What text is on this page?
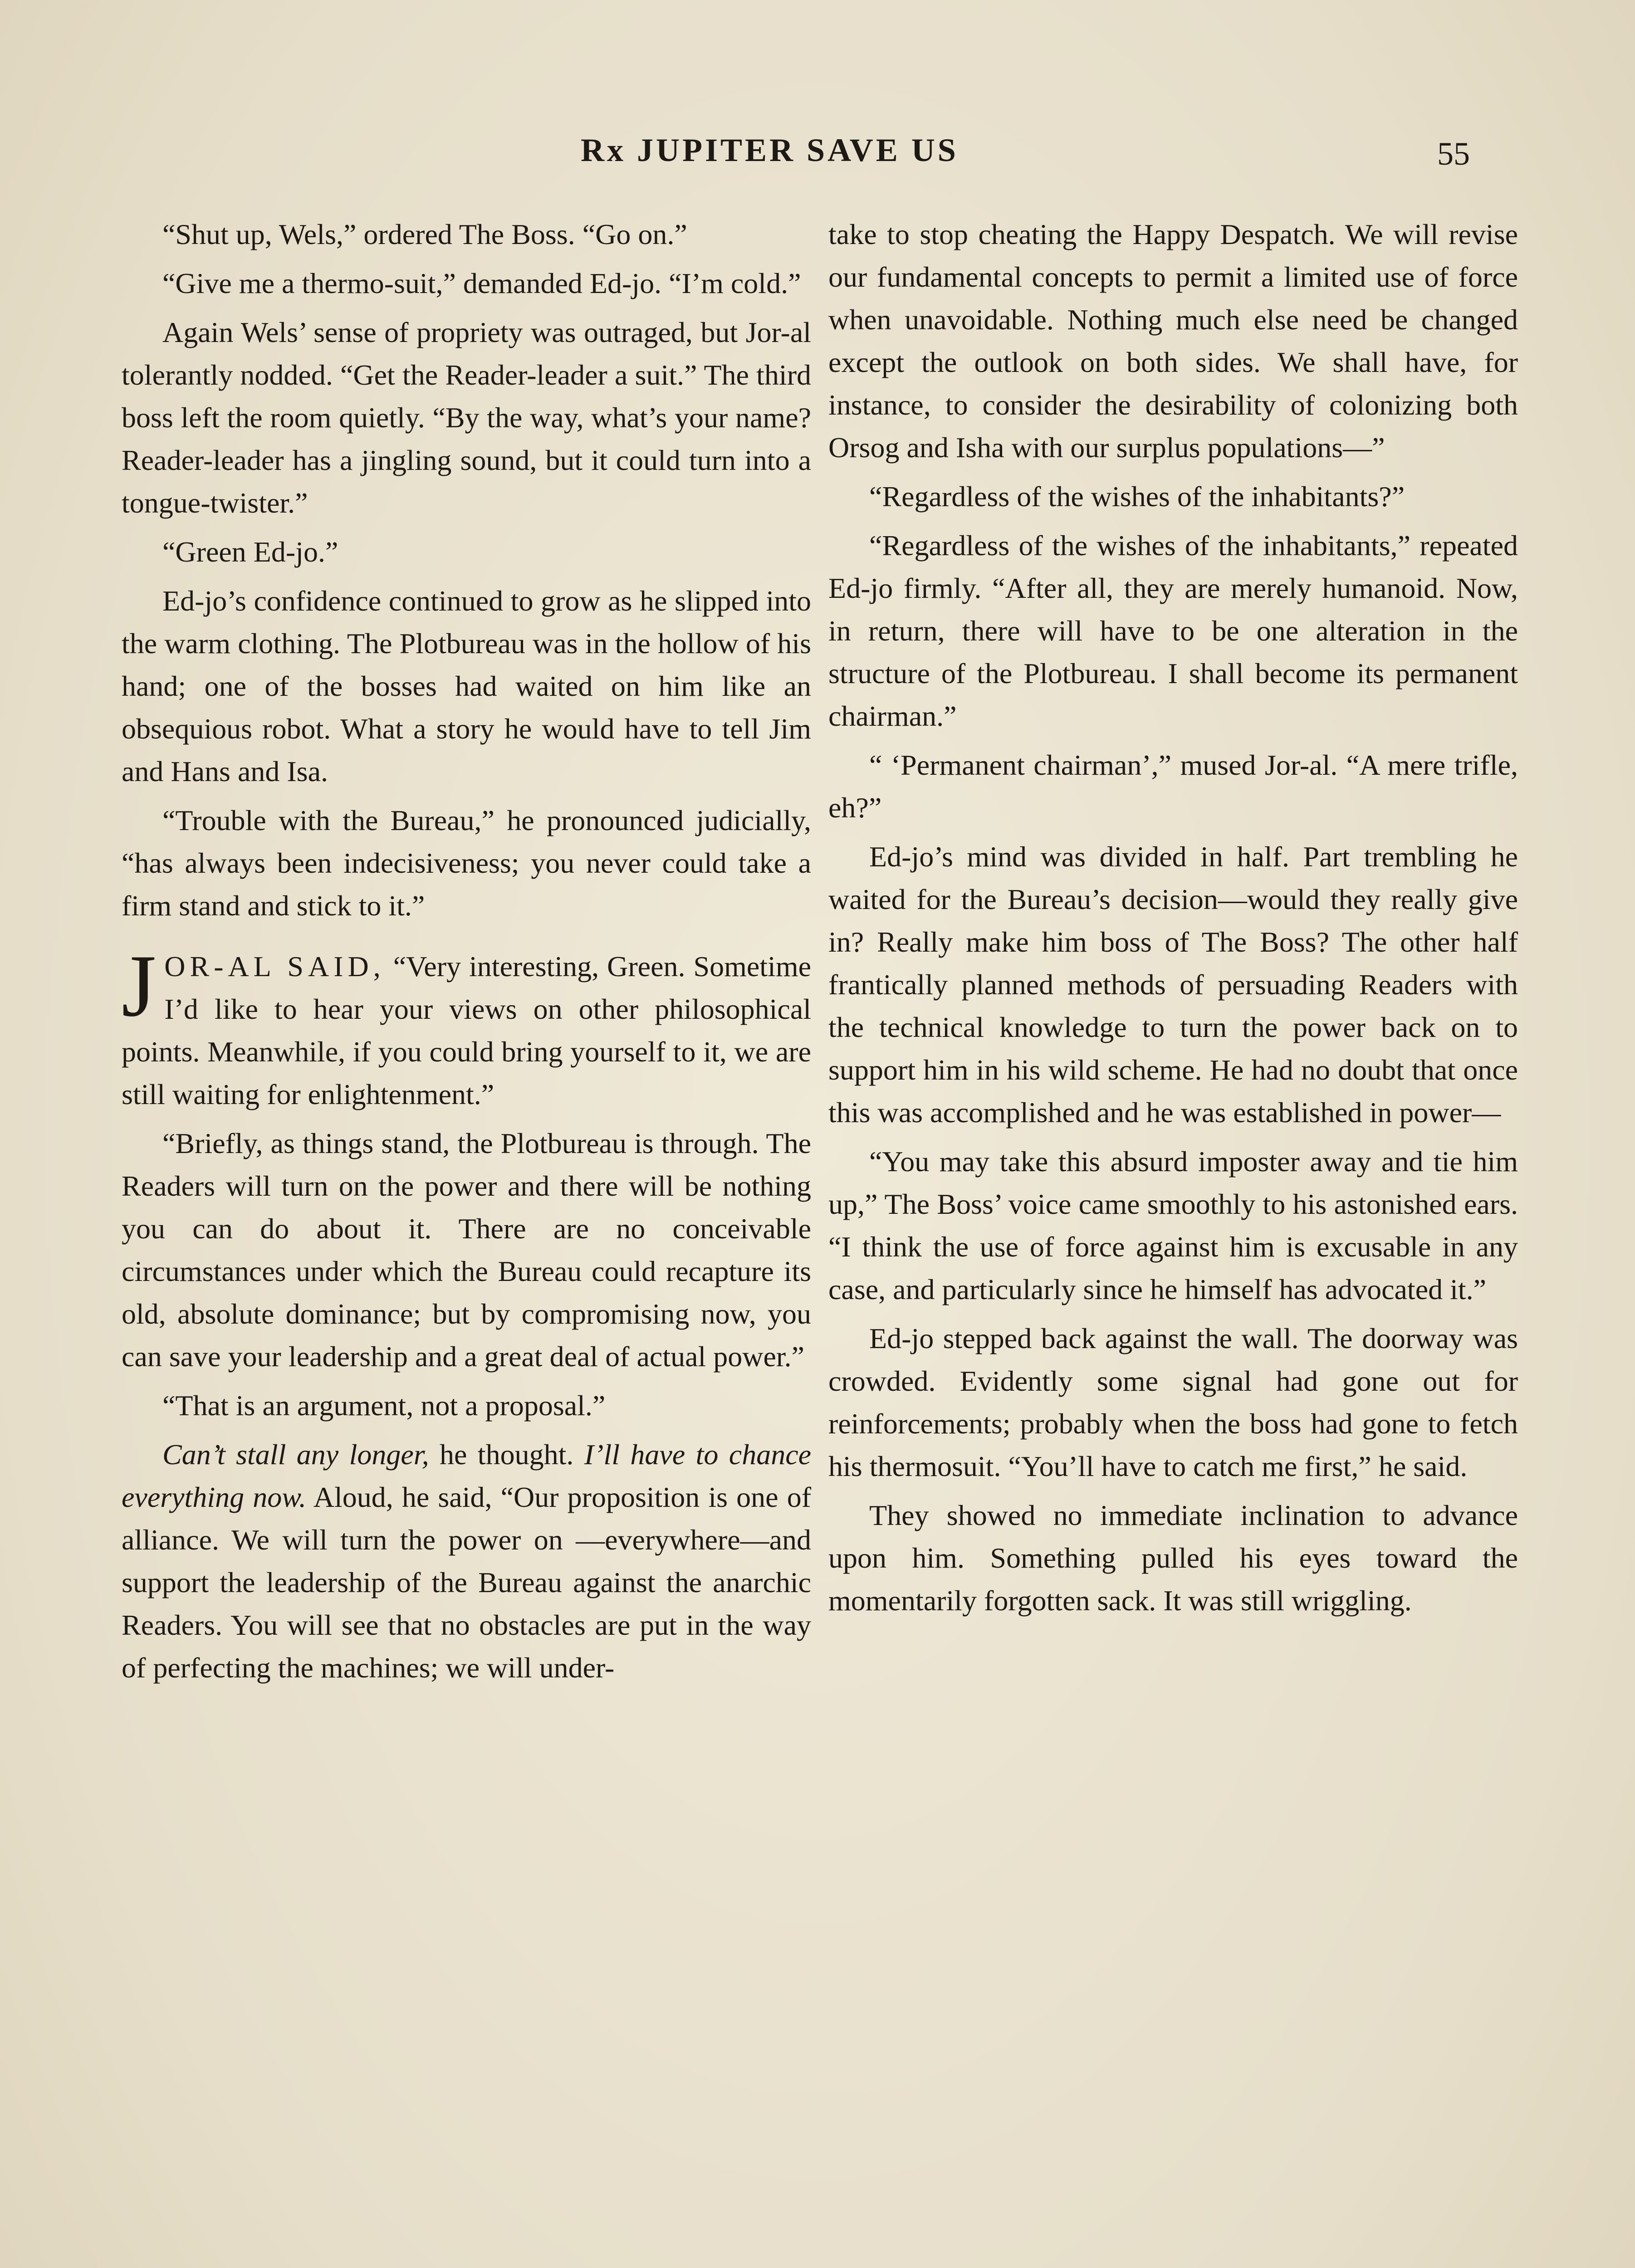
Rx JUPITER SAVE US	55

“Shut up, Wels,” ordered The Boss. “Go on.”

“Give me a thermo-suit,” demanded Ed-jo. “I’m cold.”

Again Wels’ sense of propriety was outraged, but Jor-al tolerantly nodded. “Get the Reader-leader a suit.” The third boss left the room quietly. “By the way, what’s your name? Reader-leader has a jingling sound, but it could turn into a tongue-twister.”

“Green Ed-jo.”

Ed-jo’s confidence continued to grow as he slipped into the warm clothing. The Plotbureau was in the hollow of his hand; one of the bosses had waited on him like an obsequious robot. What a story he would have to tell Jim and Hans and Isa.

“Trouble with the Bureau,” he pronounced judicially, “has always been indecisiveness; you never could take a firm stand and stick to it.”

JOR-AL SAID, “Very interesting, Green. Sometime I’d like to hear your views on other philosophical points. Meanwhile, if you could bring yourself to it, we are still waiting for enlightenment.”

“Briefly, as things stand, the Plotbureau is through. The Readers will turn on the power and there will be nothing you can do about it. There are no conceivable circumstances under which the Bureau could recapture its old, absolute dominance; but by compromising now, you can save your leadership and a great deal of actual power.”

“That is an argument, not a proposal.”

Can’t stall any longer, he thought. I’ll have to chance everything now. Aloud, he said, “Our proposition is one of alliance. We will turn the power on —everywhere—and support the leadership of the Bureau against the anarchic Readers. You will see that no obstacles are put in the way of perfecting the machines; we will under-

take to stop cheating the Happy Despatch. We will revise our fundamental concepts to permit a limited use of force when unavoidable. Nothing much else need be changed except the outlook on both sides. We shall have, for instance, to consider the desirability of colonizing both Orsog and Isha with our surplus populations—”

“Regardless of the wishes of the inhabitants?”

“Regardless of the wishes of the inhabitants,” repeated Ed-jo firmly. “After all, they are merely humanoid. Now, in return, there will have to be one alteration in the structure of the Plotbureau. I shall become its permanent chairman.”

“ ‘Permanent chairman’,” mused Jor-al. “A mere trifle, eh?”

Ed-jo’s mind was divided in half. Part trembling he waited for the Bureau’s decision—would they really give in? Really make him boss of The Boss? The other half frantically planned methods of persuading Readers with the technical knowledge to turn the power back on to support him in his wild scheme. He had no doubt that once this was accomplished and he was established in power—

“You may take this absurd imposter away and tie him up,” The Boss’ voice came smoothly to his astonished ears. “I think the use of force against him is excusable in any case, and particularly since he himself has advocated it.”

Ed-jo stepped back against the wall. The doorway was crowded. Evidently some signal had gone out for reinforcements; probably when the boss had gone to fetch his thermosuit. “You’ll have to catch me first,” he said.

They showed no immediate inclination to advance upon him. Something pulled his eyes toward the momentarily forgotten sack. It was still wriggling.
